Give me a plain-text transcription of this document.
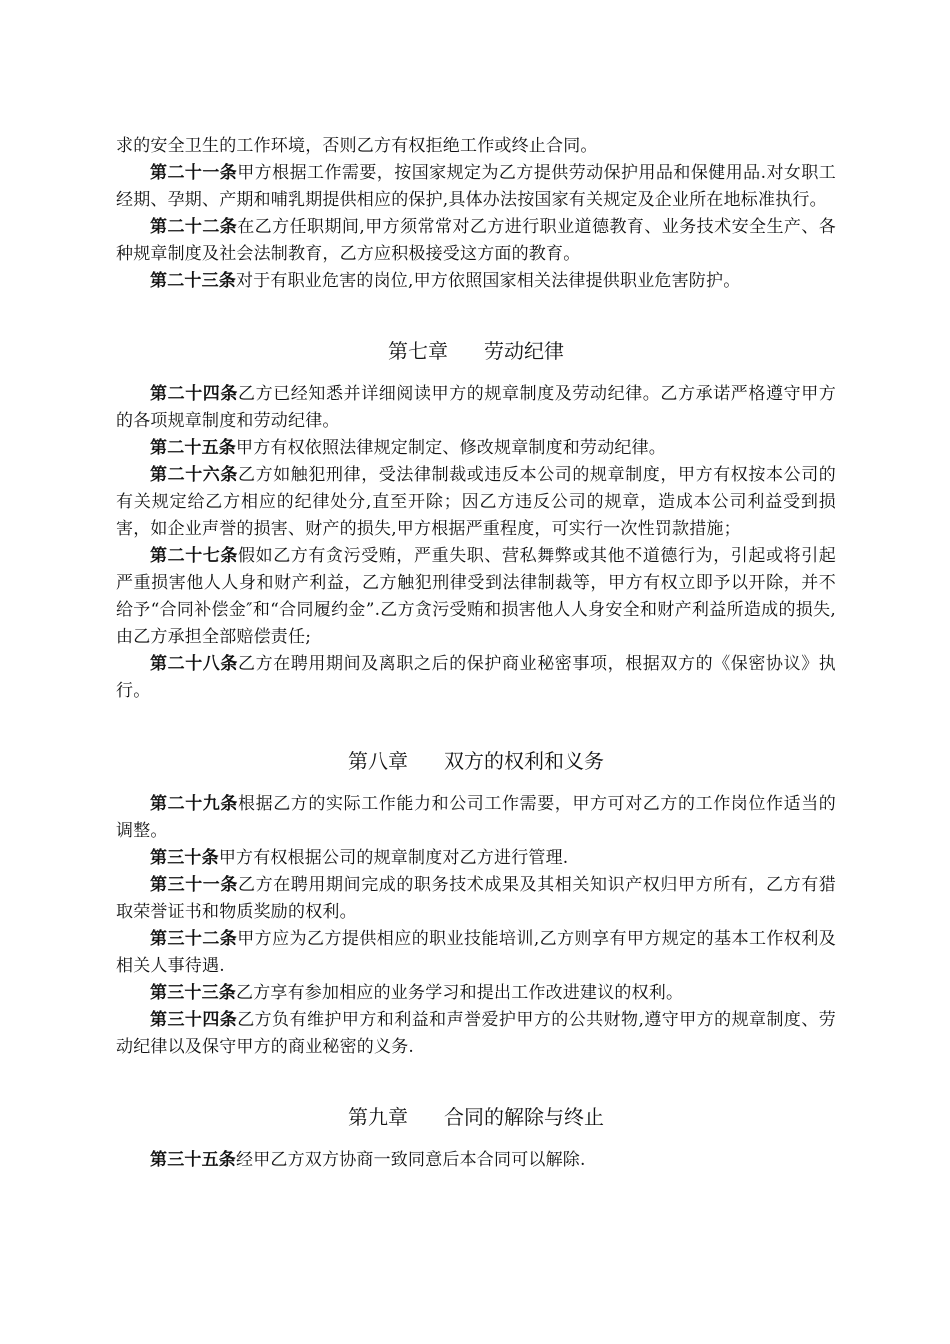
求的安全卫生的工作环境，否则乙方有权拒绝工作或终止合同。

第二十一条甲方根据工作需要，按国家规定为乙方提供劳动保护用品和保健用品.对女职工经期、孕期、产期和哺乳期提供相应的保护,具体办法按国家有关规定及企业所在地标准执行。

第二十二条在乙方任职期间,甲方须常常对乙方进行职业道德教育、业务技术安全生产、各种规章制度及社会法制教育，乙方应积极接受这方面的教育。

第二十三条对于有职业危害的岗位,甲方依照国家相关法律提供职业危害防护。

第七章 劳动纪律

第二十四条乙方已经知悉并详细阅读甲方的规章制度及劳动纪律。乙方承诺严格遵守甲方的各项规章制度和劳动纪律。

第二十五条甲方有权依照法律规定制定、修改规章制度和劳动纪律。

第二十六条乙方如触犯刑律，受法律制裁或违反本公司的规章制度，甲方有权按本公司的有关规定给乙方相应的纪律处分,直至开除；因乙方违反公司的规章，造成本公司利益受到损害，如企业声誉的损害、财产的损失,甲方根据严重程度，可实行一次性罚款措施；

第二十七条假如乙方有贪污受贿，严重失职、营私舞弊或其他不道德行为，引起或将引起严重损害他人人身和财产利益，乙方触犯刑律受到法律制裁等，甲方有权立即予以开除，并不给予“合同补偿金″和“合同履约金”.乙方贪污受贿和损害他人人身安全和财产利益所造成的损失,由乙方承担全部赔偿责任;

第二十八条乙方在聘用期间及离职之后的保护商业秘密事项，根据双方的《保密协议》执行。

第八章 双方的权利和义务

第二十九条根据乙方的实际工作能力和公司工作需要，甲方可对乙方的工作岗位作适当的调整。

第三十条甲方有权根据公司的规章制度对乙方进行管理.

第三十一条乙方在聘用期间完成的职务技术成果及其相关知识产权归甲方所有，乙方有猎取荣誉证书和物质奖励的权利。

第三十二条甲方应为乙方提供相应的职业技能培训,乙方则享有甲方规定的基本工作权利及相关人事待遇.

第三十三条乙方享有参加相应的业务学习和提出工作改进建议的权利。

第三十四条乙方负有维护甲方和利益和声誉爱护甲方的公共财物,遵守甲方的规章制度、劳动纪律以及保守甲方的商业秘密的义务.

第九章 合同的解除与终止

第三十五条经甲乙方双方协商一致同意后本合同可以解除.
